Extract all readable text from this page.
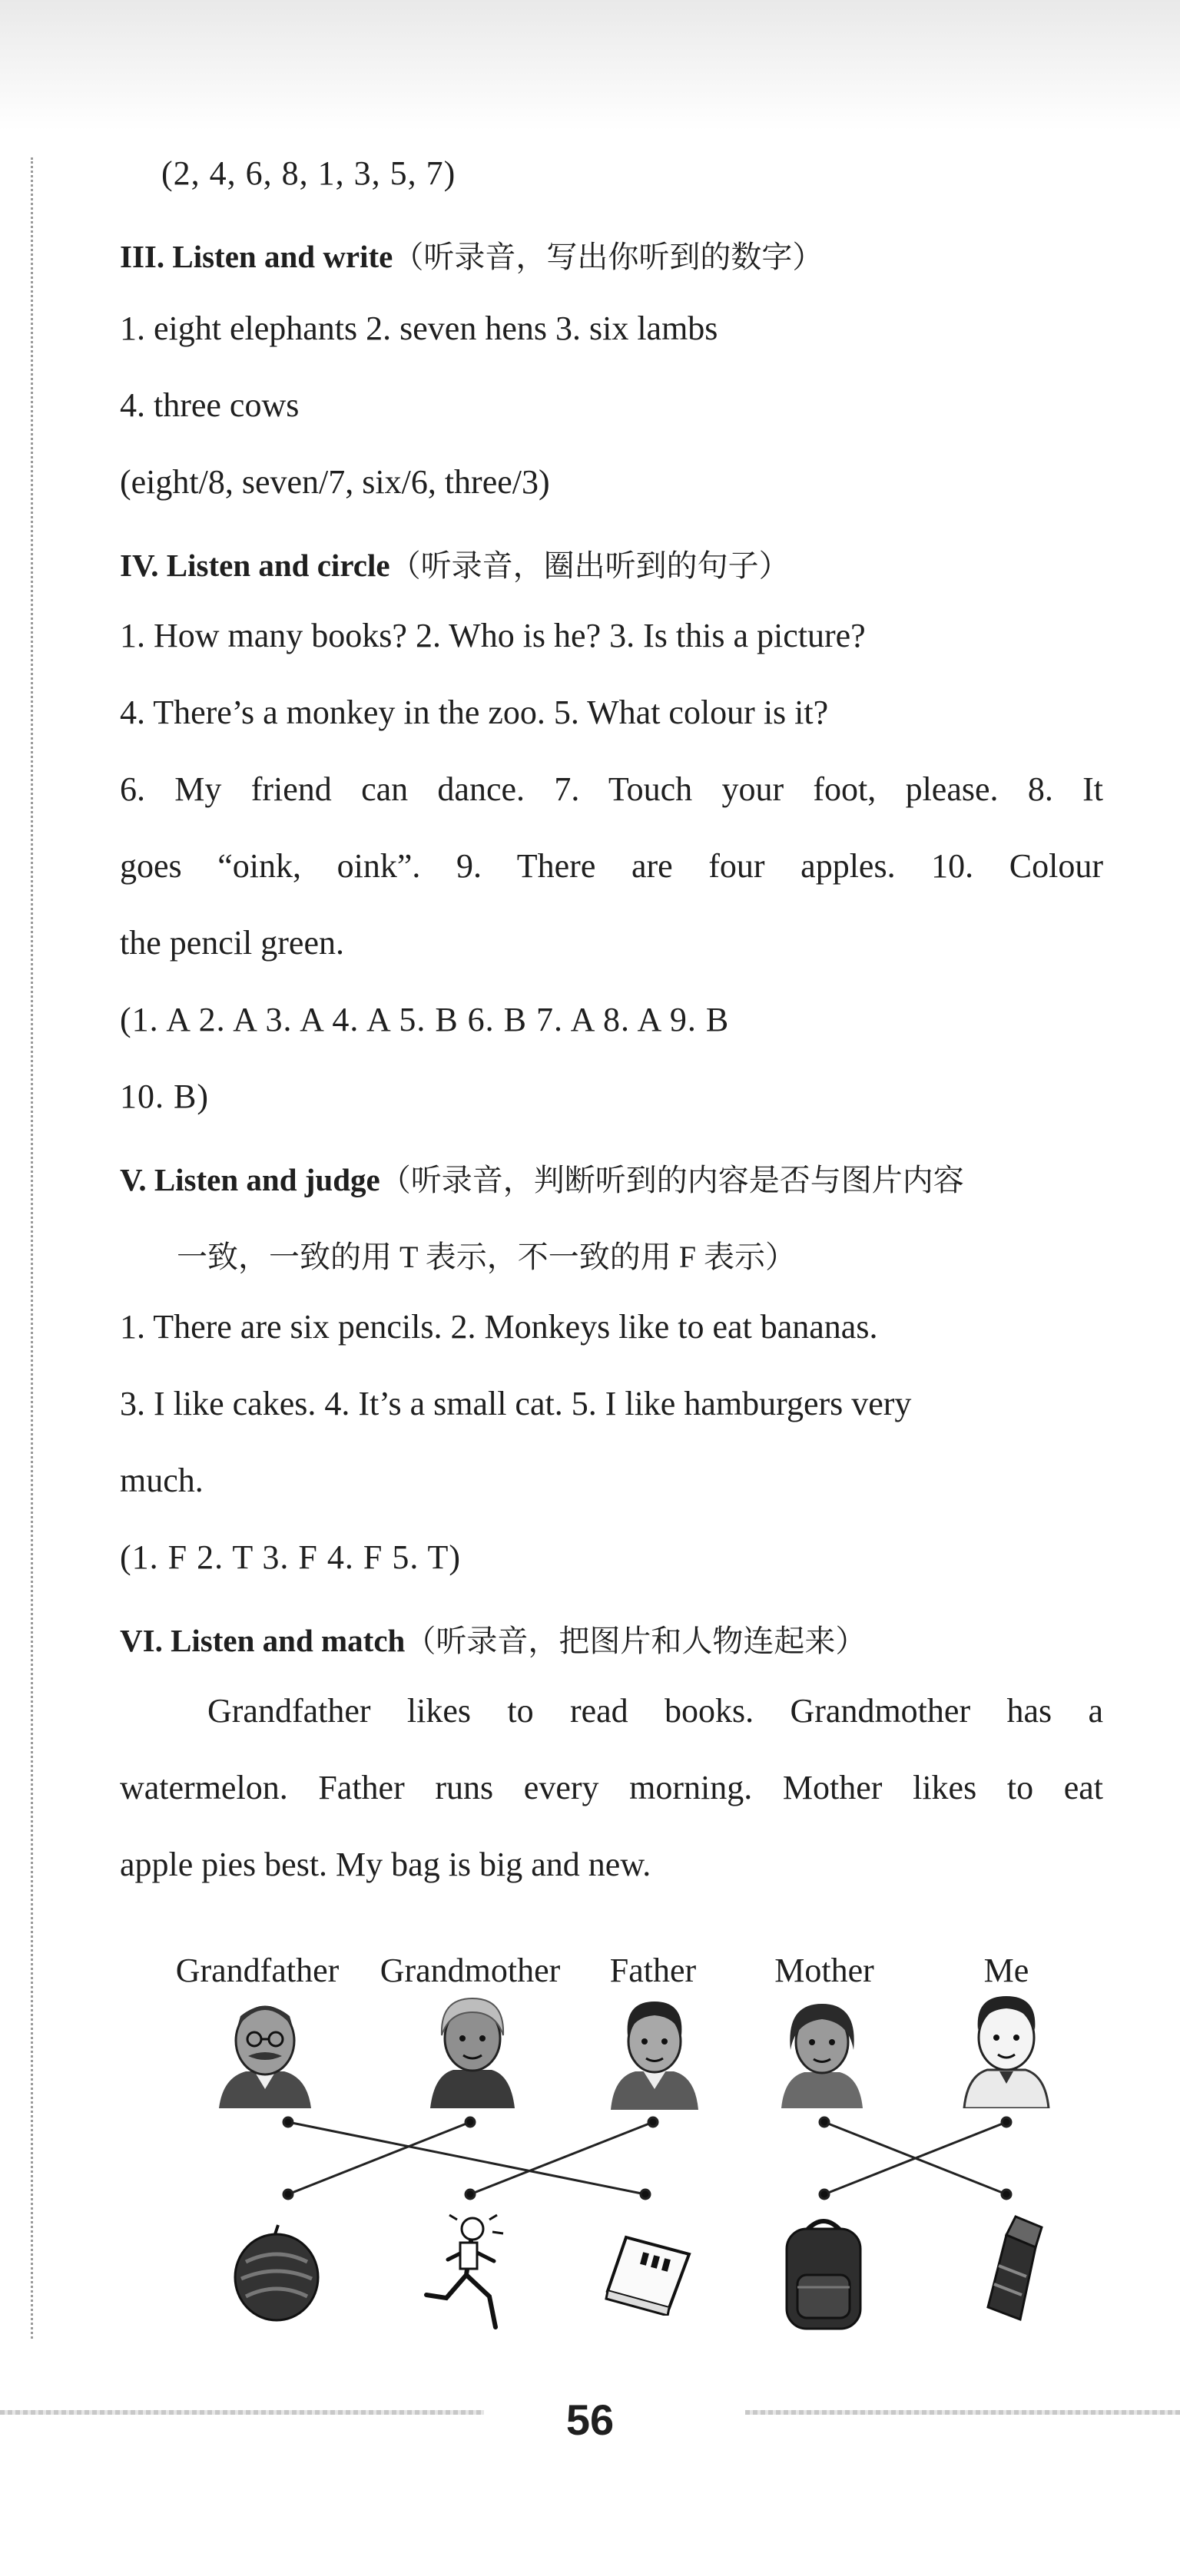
(2, 4, 6, 8, 1, 3, 5, 7)
III. Listen and write（听录音，写出你听到的数字）
1. eight elephants 2. seven hens 3. six lambs
4. three cows
(eight/8, seven/7, six/6, three/3)
IV. Listen and circle（听录音，圈出听到的句子）
1. How many books? 2. Who is he? 3. Is this a picture?
4. There’s a monkey in the zoo. 5. What colour is it?
6. My friend can dance. 7. Touch your foot, please. 8. It
goes “oink, oink”. 9. There are four apples. 10. Colour
the pencil green.
(1. A 2. A 3. A 4. A 5. B 6. B 7. A 8. A 9. B
10. B)
V. Listen and judge（听录音，判断听到的内容是否与图片内容
一致，一致的用 T 表示，不一致的用 F 表示）
1. There are six pencils. 2. Monkeys like to eat bananas.
3. I like cakes. 4. It’s a small cat. 5. I like hamburgers very
much.
(1. F 2. T 3. F 4. F 5. T)
VI. Listen and match（听录音，把图片和人物连起来）
Grandfather likes to read books. Grandmother has a
watermelon. Father runs every morning. Mother likes to eat
apple pies best. My bag is big and new.
Grandfather Grandmother Father Mother	Me
56
